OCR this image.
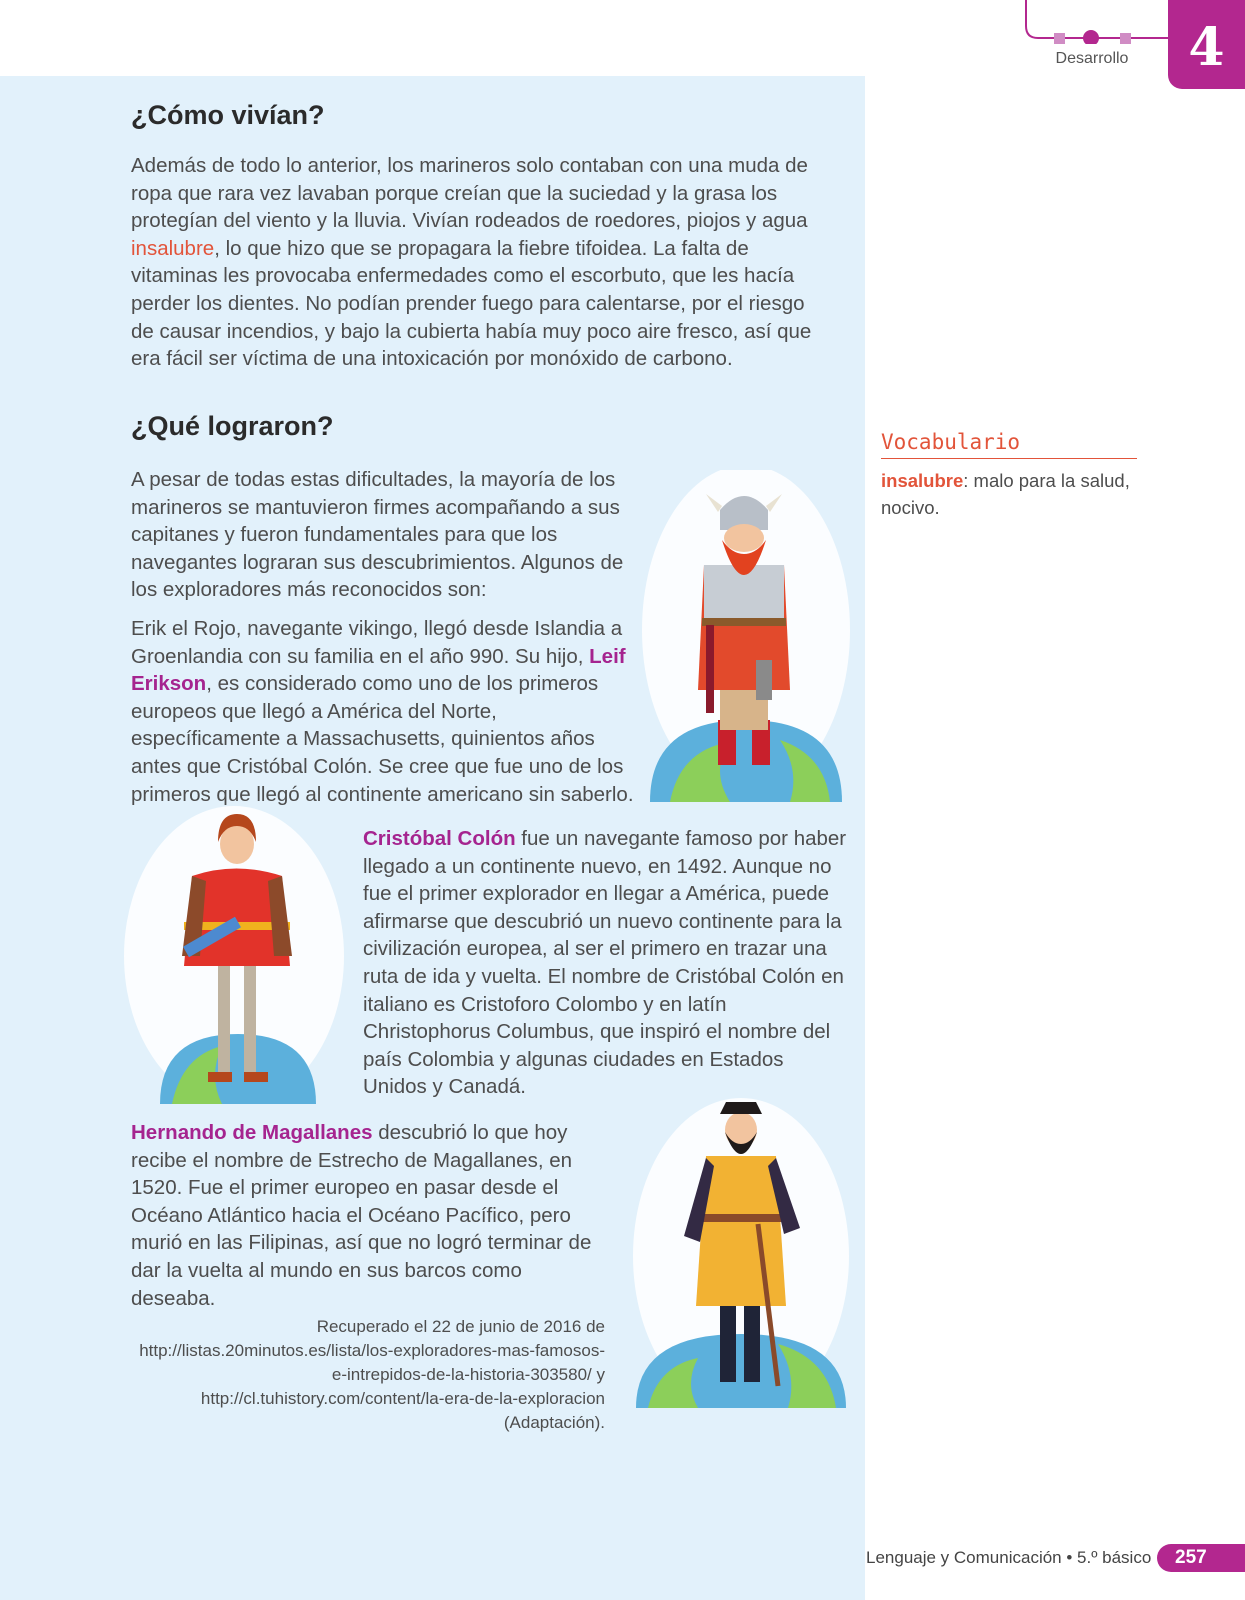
4
Desarrollo
¿Cómo vivían?

Además de todo lo anterior, los marineros solo contaban con una muda de ropa que rara vez lavaban porque creían que la suciedad y la grasa los protegían del viento y la lluvia. Vivían rodeados de roedores, piojos y agua insalubre, lo que hizo que se propagara la fiebre tifoidea. La falta de vitaminas les provocaba enfermedades como el escorbuto, que les hacía perder los dientes. No podían prender fuego para calentarse, por el riesgo de causar incendios, y bajo la cubierta había muy poco aire fresco, así que era fácil ser víctima de una intoxicación por monóxido de carbono.

¿Qué lograron?

A pesar de todas estas dificultades, la mayoría de los marineros se mantuvieron firmes acompañando a sus capitanes y fueron fundamentales para que los navegantes lograran sus descubrimientos. Algunos de los exploradores más reconocidos son:

Erik el Rojo, navegante vikingo, llegó desde Islandia a Groenlandia con su familia en el año 990. Su hijo, Leif Erikson, es considerado como uno de los primeros europeos que llegó a América del Norte, específicamente a Massachusetts, quinientos años antes que Cristóbal Colón. Se cree que fue uno de los primeros que llegó al continente americano sin saberlo.

Cristóbal Colón fue un navegante famoso por haber llegado a un continente nuevo, en 1492. Aunque no fue el primer explorador en llegar a América, puede afirmarse que descubrió un nuevo continente para la civilización europea, al ser el primero en trazar una ruta de ida y vuelta. El nombre de Cristóbal Colón en italiano es Cristoforo Colombo y en latín Christophorus Columbus, que inspiró el nombre del país Colombia y algunas ciudades en Estados Unidos y Canadá.

Hernando de Magallanes descubrió lo que hoy recibe el nombre de Estrecho de Magallanes, en 1520. Fue el primer europeo en pasar desde el Océano Atlántico hacia el Océano Pacífico, pero murió en las Filipinas, así que no logró terminar de dar la vuelta al mundo en sus barcos como deseaba.

Recuperado el 22 de junio de 2016 de http://listas.20minutos.es/lista/los-exploradores-mas-famosos-e-intrepidos-de-la-historia-303580/ y http://cl.tuhistory.com/content/la-era-de-la-exploracion (Adaptación).

Vocabulario

insalubre: malo para la salud, nocivo.

Lenguaje y Comunicación • 5.º básico	257
